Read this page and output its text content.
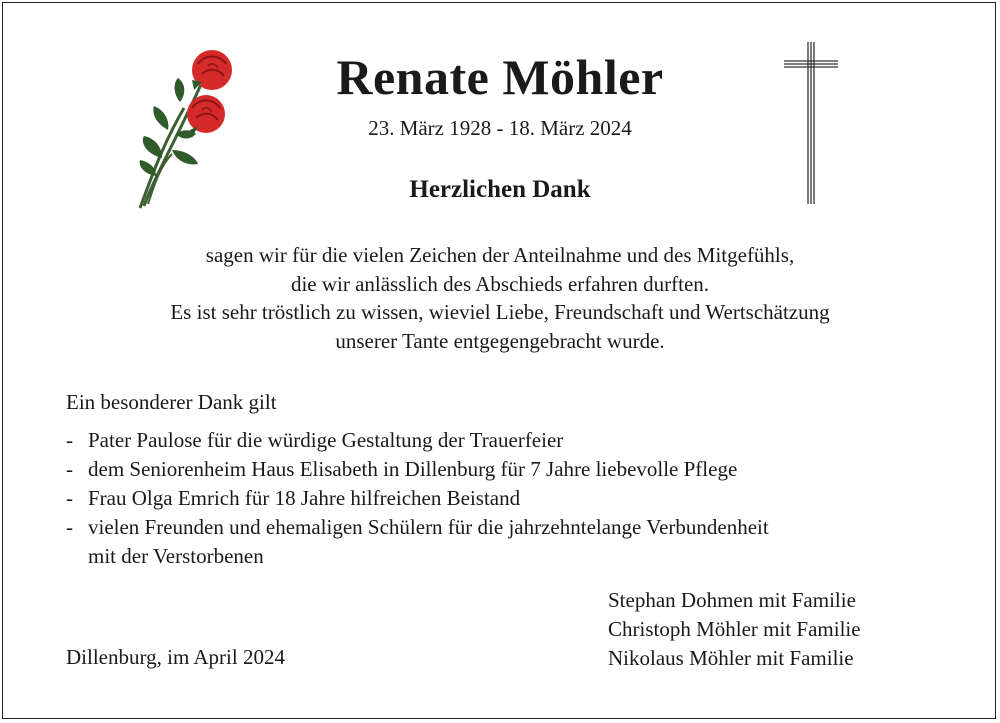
Renate Möhler
23. März 1928 - 18. März 2024
Herzlichen Dank
sagen wir für die vielen Zeichen der Anteilnahme und des Mitgefühls,
die wir anlässlich des Abschieds erfahren durften.
Es ist sehr tröstlich zu wissen, wieviel Liebe, Freundschaft und Wertschätzung
unserer Tante entgegengebracht wurde.
Ein besonderer Dank gilt
- Pater Paulose für die würdige Gestaltung der Trauerfeier
- dem Seniorenheim Haus Elisabeth in Dillenburg für 7 Jahre liebevolle Pflege
- Frau Olga Emrich für 18 Jahre hilfreichen Beistand
- vielen Freunden und ehemaligen Schülern für die jahrzehntelange Verbundenheit
mit der Verstorbenen
Dillenburg, im April 2024
Stephan Dohmen mit Familie
Christoph Möhler mit Familie
Nikolaus Möhler mit Familie
